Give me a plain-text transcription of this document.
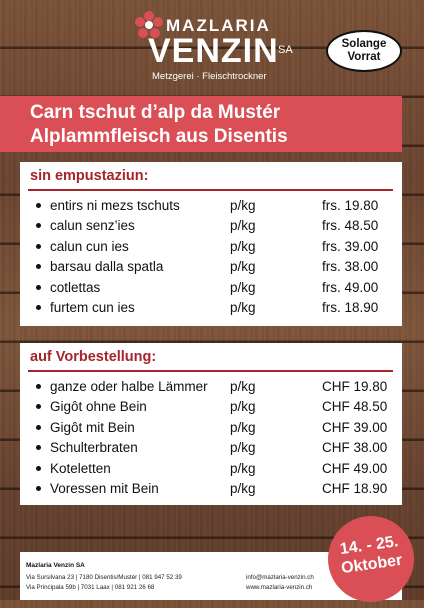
MAZLARIA
VENZIN SA
Metzgerei · Fleischtrockner
Solange
Vorrat
Carn tschut d’alp da Mustér
Alplammfleisch aus Disentis
sin empustaziun:
entirs ni mezs tschuts	p/kg	frs. 19.80
calun senz’ies	p/kg	frs. 48.50
calun cun ies	p/kg	frs. 39.00
barsau dalla spatla	p/kg	frs. 38.00
cotlettas	p/kg	frs. 49.00
furtem cun ies	p/kg	frs. 18.90
auf Vorbestellung:
ganze oder halbe Lämmer p/kg	CHF 19.80
Gigôt ohne Bein	p/kg	CHF 48.50
Gigôt mit Bein	p/kg	CHF 39.00
Schulterbraten	p/kg	CHF 38.00
Koteletten	p/kg	CHF 49.00
Voressen mit Bein	p/kg	CHF 18.90
Mazlaria Venzin SA
Via Sursilvana 23 | 7180 Disentis/Mustér | 081 947 52 39
Via Principala 59b | 7031 Laax | 081 921 26 68
info@mazlaria-venzin.ch
www.mazlaria-venzin.ch
14. - 25.
Oktober
